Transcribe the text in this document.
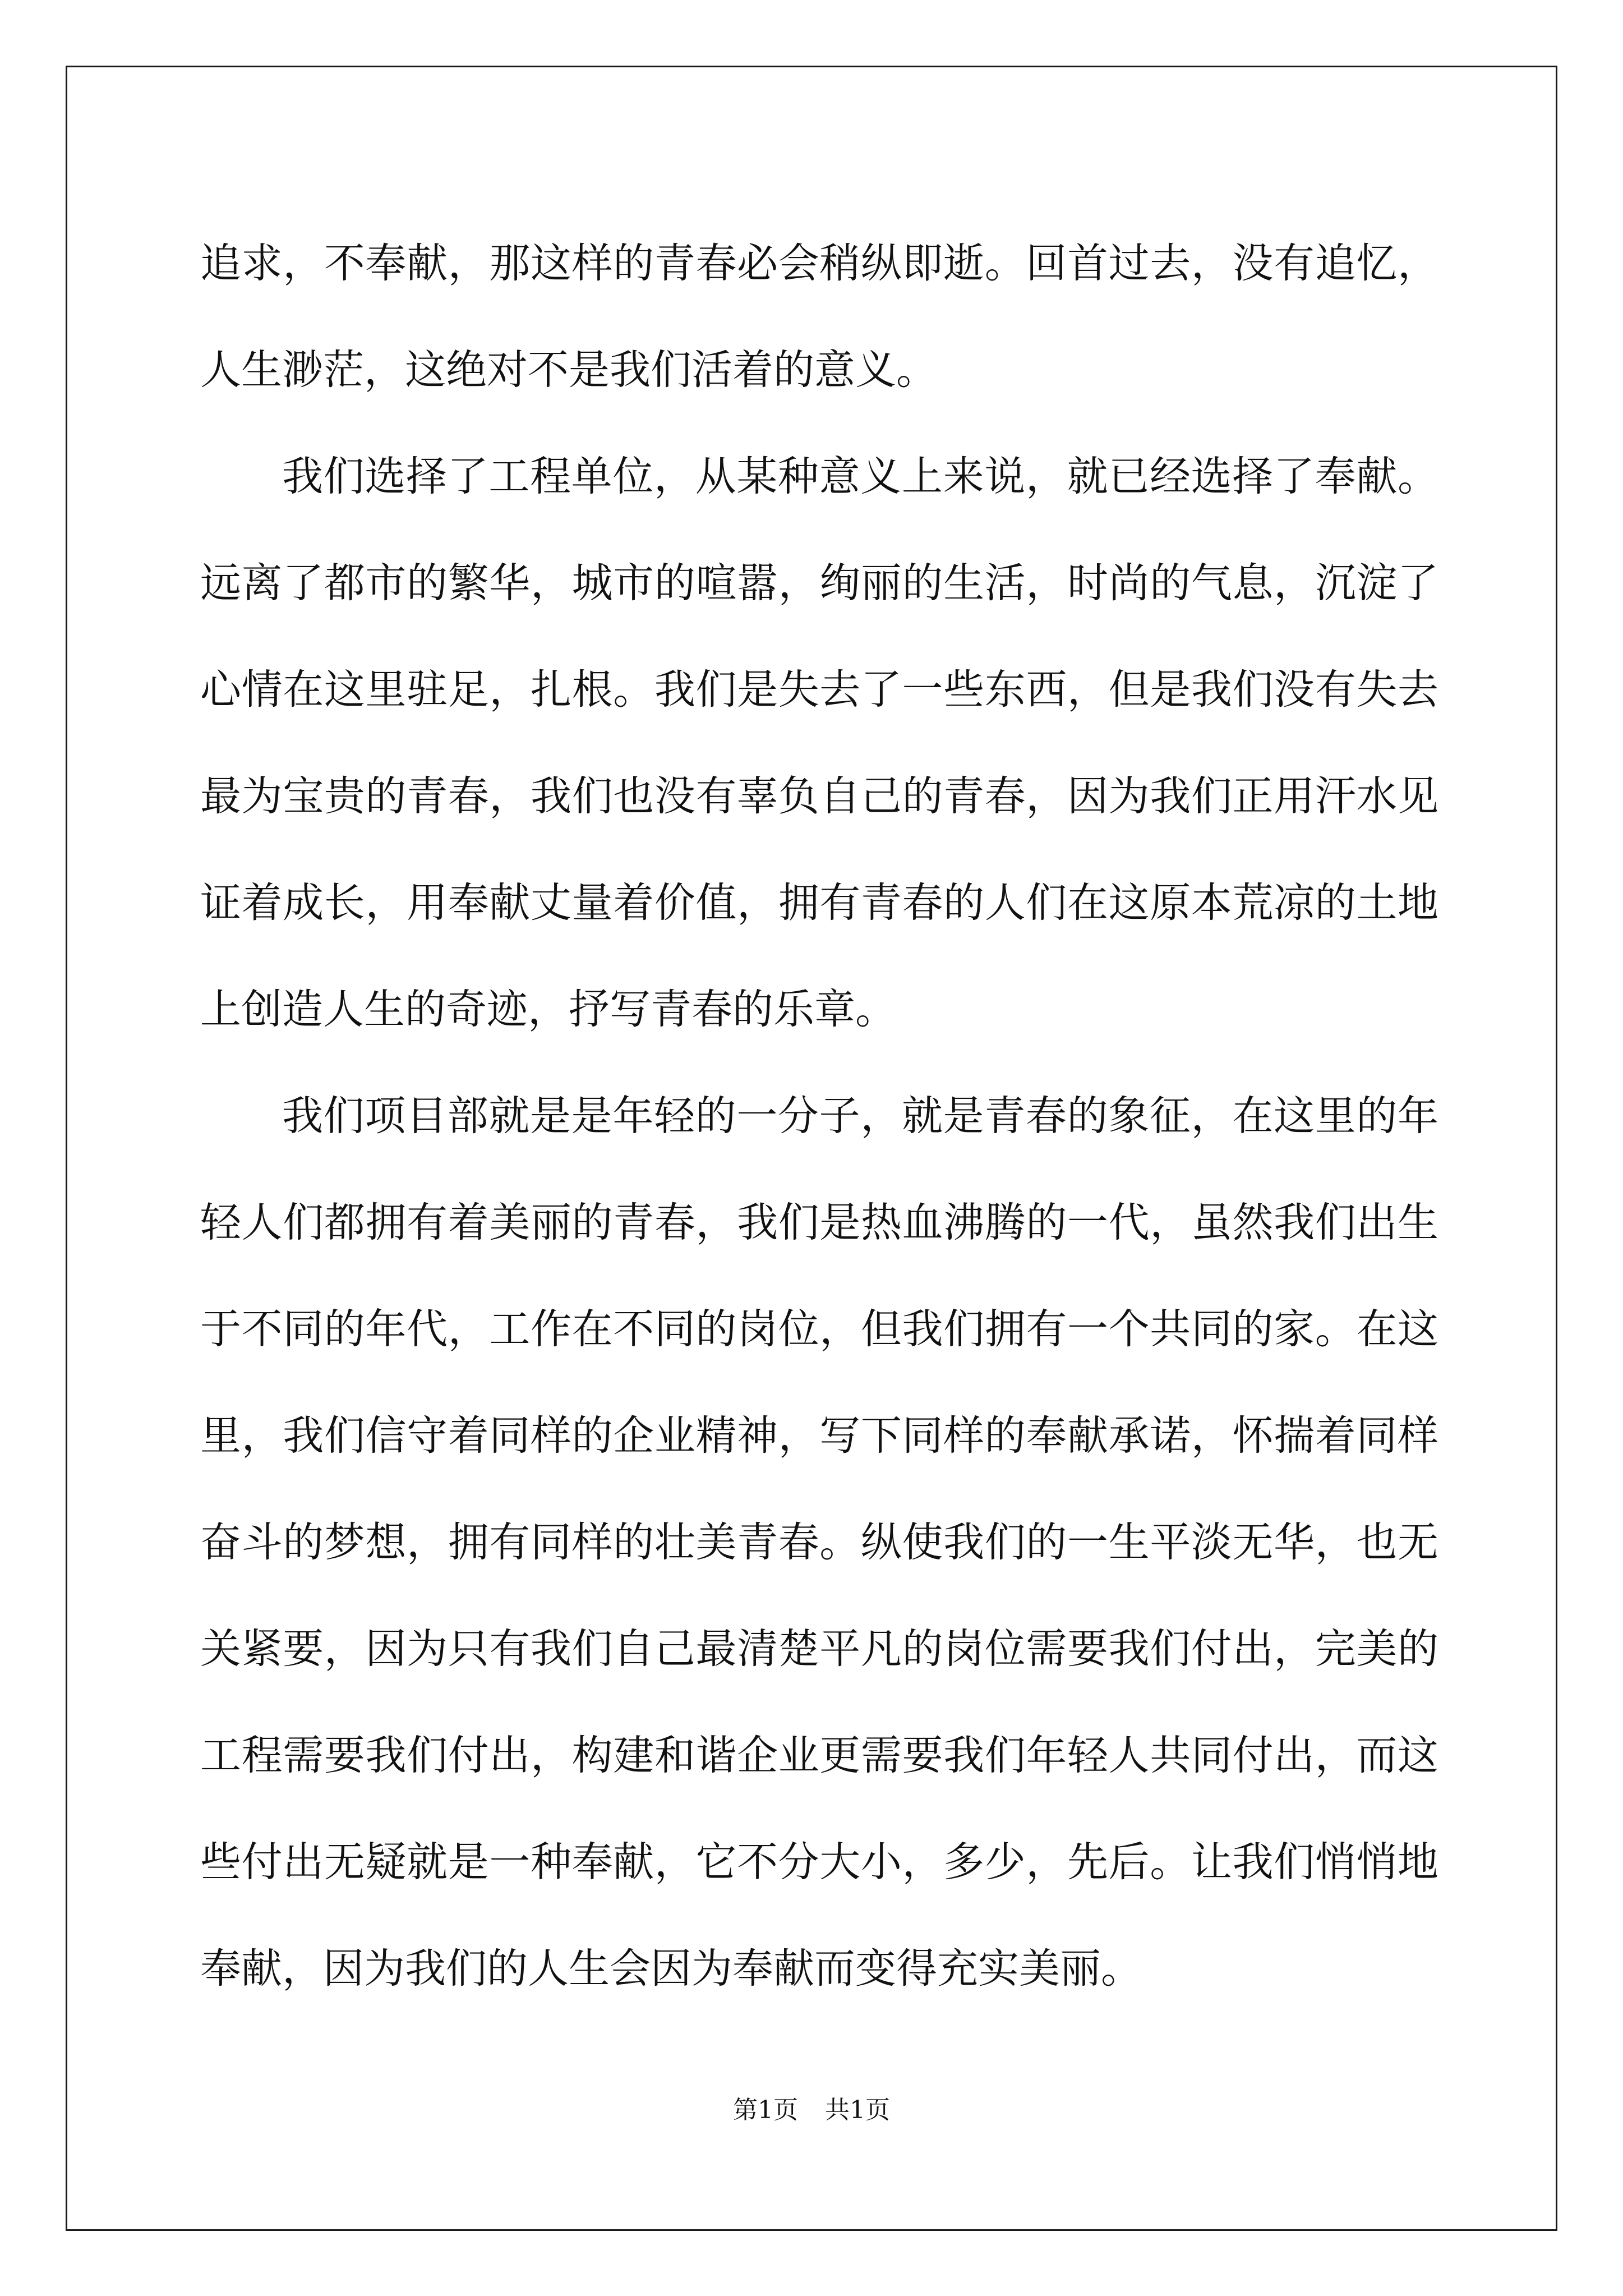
追求，不奉献，那这样的青春必会稍纵即逝。回首过去，没有追忆，人生渺茫，这绝对不是我们活着的意义。

我们选择了工程单位，从某种意义上来说，就已经选择了奉献。远离了都市的繁华，城市的喧嚣，绚丽的生活，时尚的气息，沉淀了心情在这里驻足，扎根。我们是失去了一些东西，但是我们没有失去最为宝贵的青春，我们也没有辜负自己的青春，因为我们正用汗水见证着成长，用奉献丈量着价值，拥有青春的人们在这原本荒凉的土地上创造人生的奇迹，抒写青春的乐章。

我们项目部就是是年轻的一分子，就是青春的象征，在这里的年轻人们都拥有着美丽的青春，我们是热血沸腾的一代，虽然我们出生于不同的年代，工作在不同的岗位，但我们拥有一个共同的家。在这里，我们信守着同样的企业精神，写下同样的奉献承诺，怀揣着同样奋斗的梦想，拥有同样的壮美青春。纵使我们的一生平淡无华，也无关紧要，因为只有我们自己最清楚平凡的岗位需要我们付出，完美的工程需要我们付出，构建和谐企业更需要我们年轻人共同付出，而这些付出无疑就是一种奉献，它不分大小，多少，先后。让我们悄悄地奉献，因为我们的人生会因为奉献而变得充实美丽。

第1页 共1页
